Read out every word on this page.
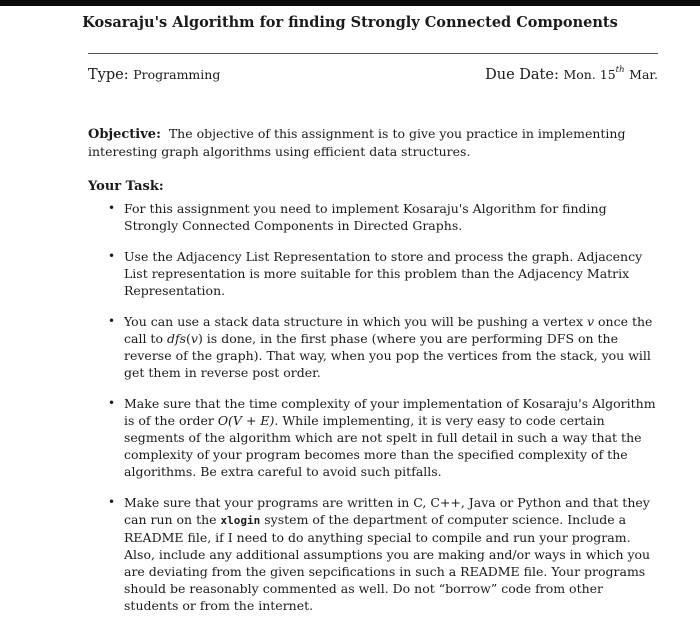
Kosaraju's Algorithm for finding Strongly Connected Components
Type: Programming	Due Date: Mon. 15th Mar.
Objective: The objective of this assignment is to give you practice in implementing interesting graph algorithms using efficient data structures.
Your Task:
• For this assignment you need to implement Kosaraju's Algorithm for finding Strongly Connected Components in Directed Graphs.
• Use the Adjacency List Representation to store and process the graph. Adjacency List representation is more suitable for this problem than the Adjacency Matrix Representation.
• You can use a stack data structure in which you will be pushing a vertex v once the call to dfs(v) is done, in the first phase (where you are performing DFS on the reverse of the graph). That way, when you pop the vertices from the stack, you will get them in reverse post order.
• Make sure that the time complexity of your implementation of Kosaraju's Algorithm is of the order O(V + E). While implementing, it is very easy to code certain segments of the algorithm which are not spelt in full detail in such a way that the complexity of your program becomes more than the specified complexity of the algorithms. Be extra careful to avoid such pitfalls.
• Make sure that your programs are written in C, C++, Java or Python and that they can run on the xlogin system of the department of computer science. Include a README file, if I need to do anything special to compile and run your program. Also, include any additional assumptions you are making and/or ways in which you are deviating from the given sepcifications in such a README file. Your programs should be reasonably commented as well. Do not “borrow” code from other students or from the internet.
